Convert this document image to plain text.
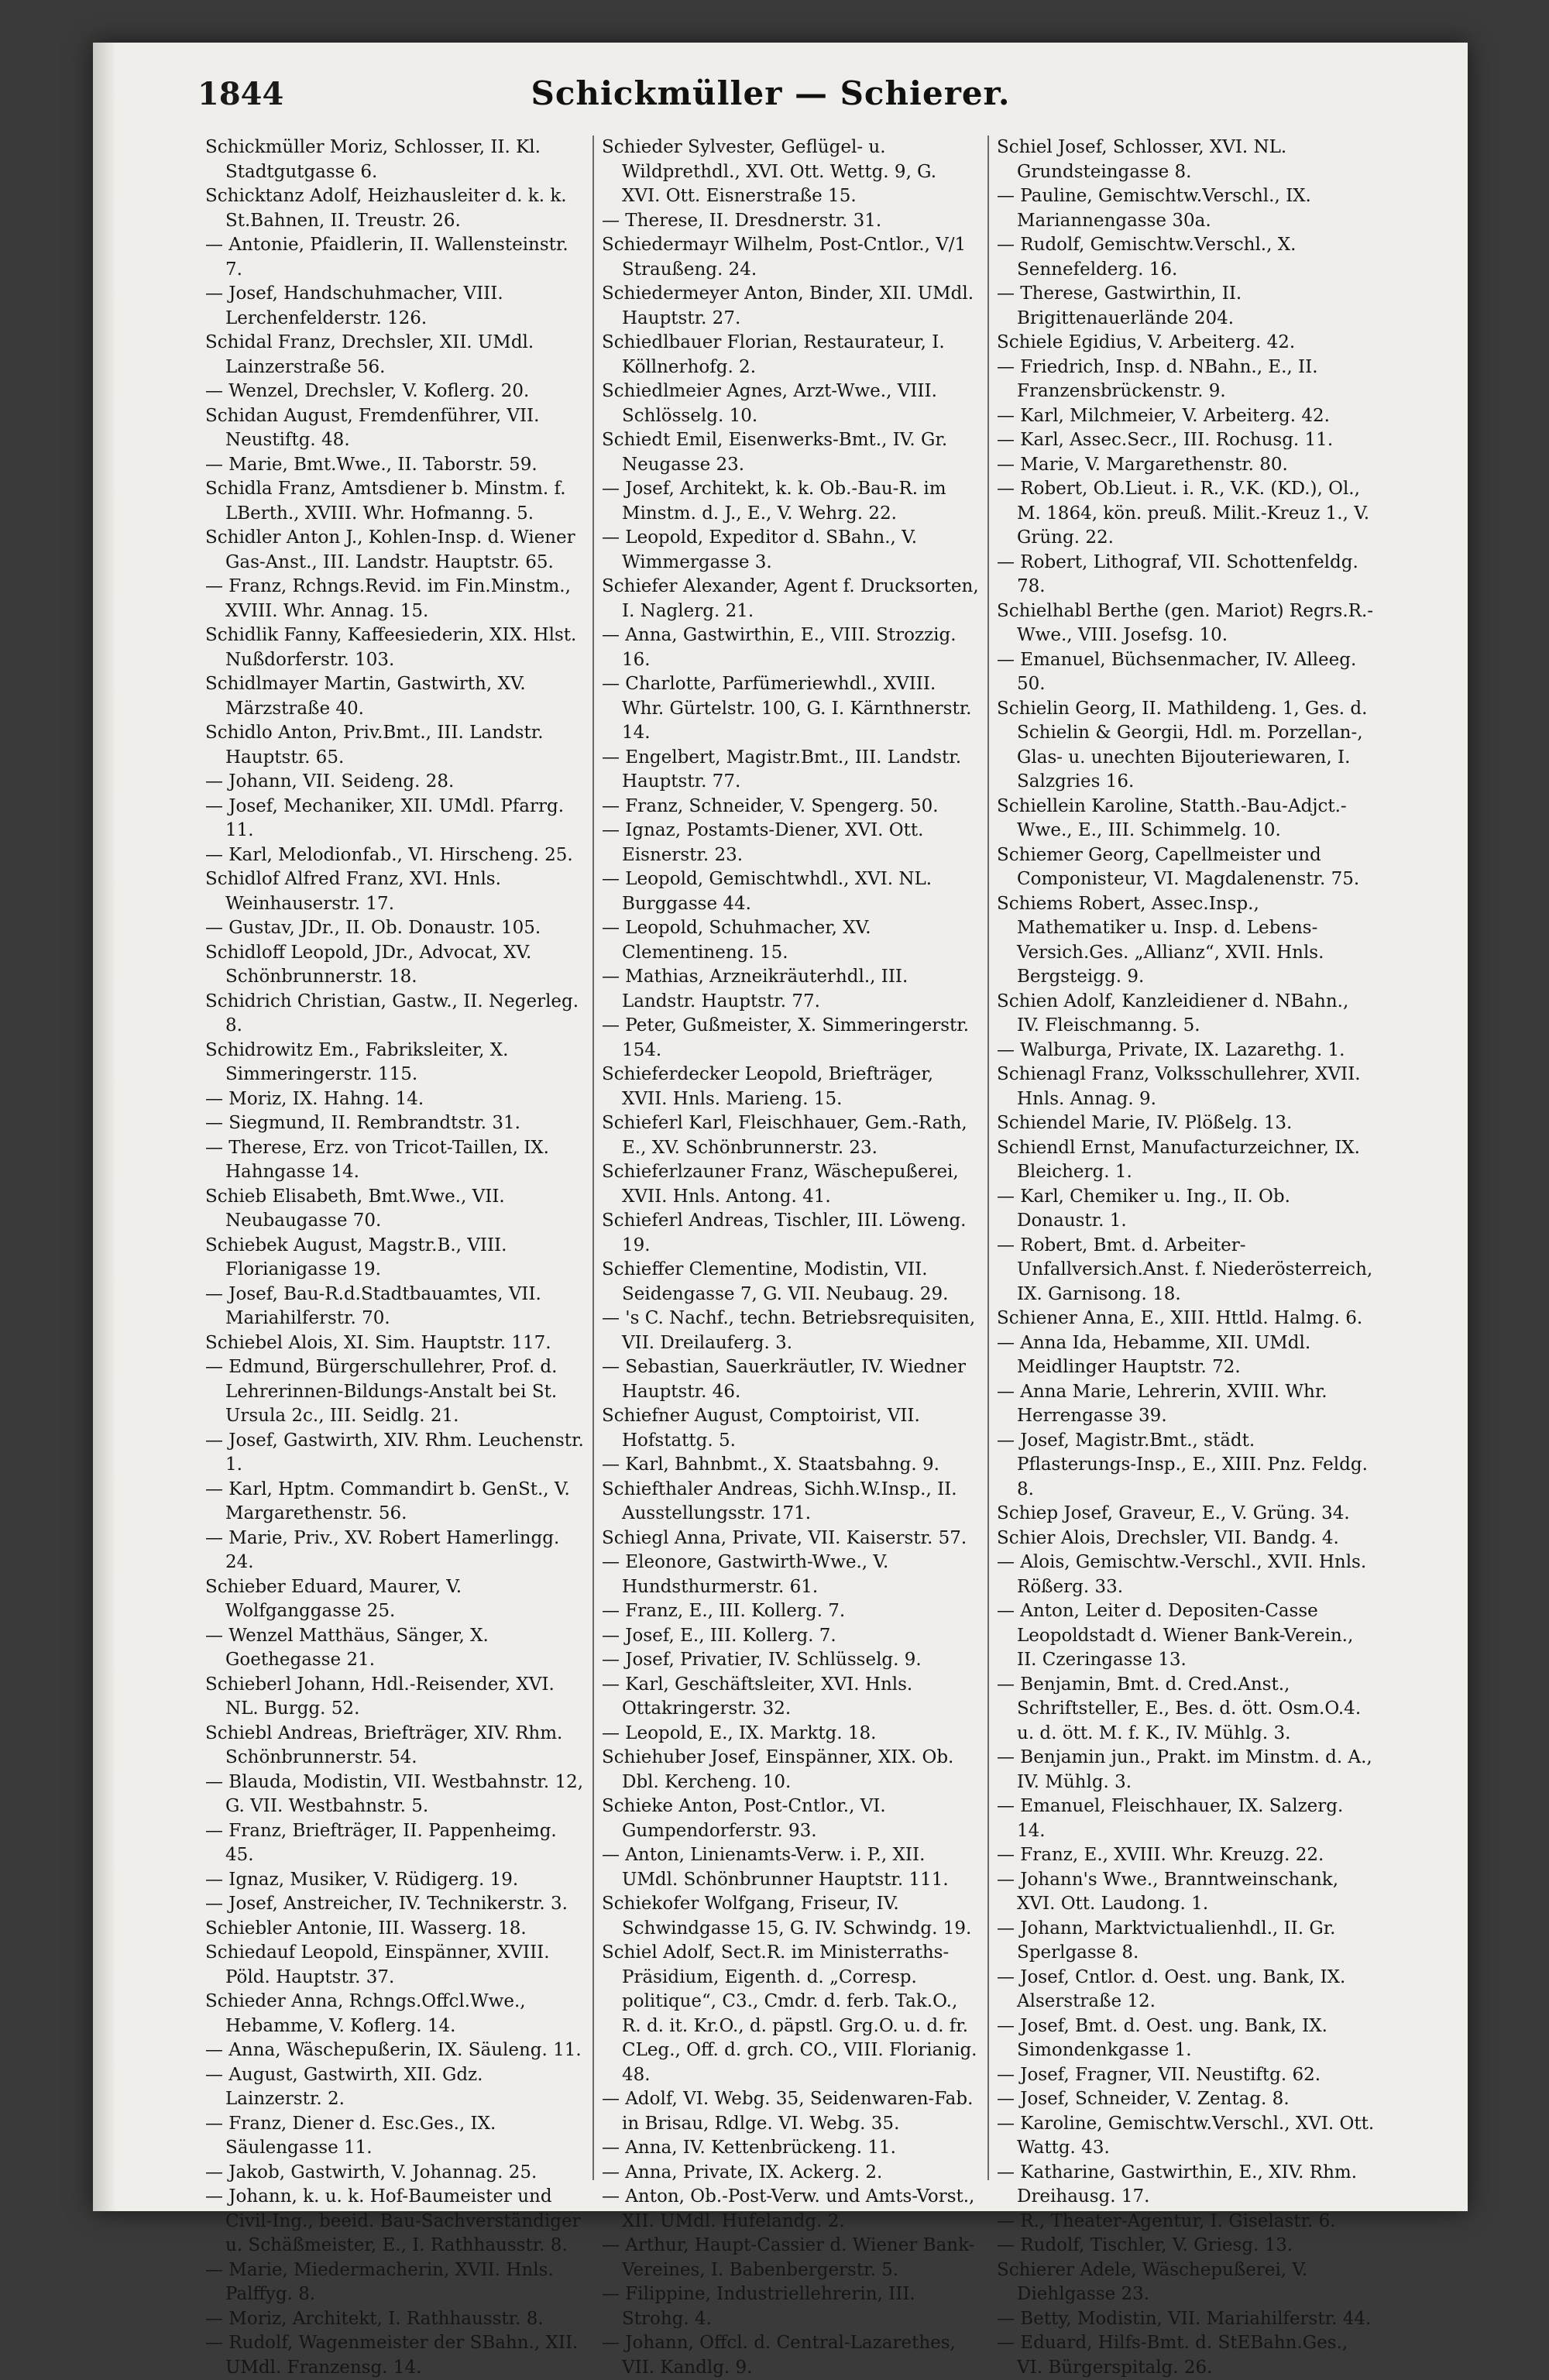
1844	Schickmüller — Schierer.

Schickmüller Moriz, Schlosser, II. Kl. Stadtgutgasse 6.

Schicktanz Adolf, Heizhausleiter d. k. k. St.Bahnen, II. Treustr. 26.

— Antonie, Pfaidlerin, II. Wallensteinstr. 7.

— Josef, Handschuhmacher, VIII. Lerchenfelderstr. 126.

Schidal Franz, Drechsler, XII. UMdl. Lainzerstraße 56.

— Wenzel, Drechsler, V. Koflerg. 20.

Schidan August, Fremdenführer, VII. Neustiftg. 48.

— Marie, Bmt.Wwe., II. Taborstr. 59.

Schidla Franz, Amtsdiener b. Minstm. f. LBerth., XVIII. Whr. Hofmanng. 5.

Schidler Anton J., Kohlen-Insp. d. Wiener Gas-Anst., III. Landstr. Hauptstr. 65.

— Franz, Rchngs.Revid. im Fin.Minstm., XVIII. Whr. Annag. 15.

Schidlik Fanny, Kaffeesiederin, XIX. Hlst. Nußdorferstr. 103.

Schidlmayer Martin, Gastwirth, XV. Märzstraße 40.

Schidlo Anton, Priv.Bmt., III. Landstr. Hauptstr. 65.

— Johann, VII. Seideng. 28.

— Josef, Mechaniker, XII. UMdl. Pfarrg. 11.

— Karl, Melodionfab., VI. Hirscheng. 25.

Schidlof Alfred Franz, XVI. Hnls. Weinhauserstr. 17.

— Gustav, JDr., II. Ob. Donaustr. 105.

Schidloff Leopold, JDr., Advocat, XV. Schönbrunnerstr. 18.

Schidrich Christian, Gastw., II. Negerleg. 8.

Schidrowitz Em., Fabriksleiter, X. Simmeringerstr. 115.

— Moriz, IX. Hahng. 14.

— Siegmund, II. Rembrandtstr. 31.

— Therese, Erz. von Tricot-Taillen, IX. Hahngasse 14.

Schieb Elisabeth, Bmt.Wwe., VII. Neubaugasse 70.

Schiebek August, Magstr.B., VIII. Florianigasse 19.

— Josef, Bau-R.d.Stadtbauamtes, VII. Mariahilferstr. 70.

Schiebel Alois, XI. Sim. Hauptstr. 117.

— Edmund, Bürgerschullehrer, Prof. d. Lehrerinnen-Bildungs-Anstalt bei St. Ursula 2c., III. Seidlg. 21.

— Josef, Gastwirth, XIV. Rhm. Leuchenstr. 1.

— Karl, Hptm. Commandirt b. GenSt., V. Margarethenstr. 56.

— Marie, Priv., XV. Robert Hamerlingg. 24.

Schieber Eduard, Maurer, V. Wolfganggasse 25.

— Wenzel Matthäus, Sänger, X. Goethegasse 21.

Schieberl Johann, Hdl.-Reisender, XVI. NL. Burgg. 52.

Schiebl Andreas, Briefträger, XIV. Rhm. Schönbrunnerstr. 54.

— Blauda, Modistin, VII. Westbahnstr. 12, G. VII. Westbahnstr. 5.

— Franz, Briefträger, II. Pappenheimg. 45.

— Ignaz, Musiker, V. Rüdigerg. 19.

— Josef, Anstreicher, IV. Technikerstr. 3.

Schiebler Antonie, III. Wasserg. 18.

Schiedauf Leopold, Einspänner, XVIII. Pöld. Hauptstr. 37.

Schieder Anna, Rchngs.Offcl.Wwe., Hebamme, V. Koflerg. 14.

— Anna, Wäschepußerin, IX. Säuleng. 11.

— August, Gastwirth, XII. Gdz. Lainzerstr. 2.

— Franz, Diener d. Esc.Ges., IX. Säulengasse 11.

— Jakob, Gastwirth, V. Johannag. 25.

— Johann, k. u. k. Hof-Baumeister und Civil-Ing., beeid. Bau-Sachverständiger u. Schäßmeister, E., I. Rathhausstr. 8.

— Marie, Miedermacherin, XVII. Hnls. Palffyg. 8.

— Moriz, Architekt, I. Rathhausstr. 8.

— Rudolf, Wagenmeister der SBahn., XII. UMdl. Franzensg. 14.

Schieder Sylvester, Geflügel- u. Wildprethdl., XVI. Ott. Wettg. 9, G. XVI. Ott. Eisnerstraße 15.

— Therese, II. Dresdnerstr. 31.

Schiedermayr Wilhelm, Post-Cntlor., V/1 Straußeng. 24.

Schiedermeyer Anton, Binder, XII. UMdl. Hauptstr. 27.

Schiedlbauer Florian, Restaurateur, I. Köllnerhofg. 2.

Schiedlmeier Agnes, Arzt-Wwe., VIII. Schlösselg. 10.

Schiedt Emil, Eisenwerks-Bmt., IV. Gr. Neugasse 23.

— Josef, Architekt, k. k. Ob.-Bau-R. im Minstm. d. J., E., V. Wehrg. 22.

— Leopold, Expeditor d. SBahn., V. Wimmergasse 3.

Schiefer Alexander, Agent f. Drucksorten, I. Naglerg. 21.

— Anna, Gastwirthin, E., VIII. Strozzig. 16.

— Charlotte, Parfümeriewhdl., XVIII. Whr. Gürtelstr. 100, G. I. Kärnthnerstr. 14.

— Engelbert, Magistr.Bmt., III. Landstr. Hauptstr. 77.

— Franz, Schneider, V. Spengerg. 50.

— Ignaz, Postamts-Diener, XVI. Ott. Eisnerstr. 23.

— Leopold, Gemischtwhdl., XVI. NL. Burggasse 44.

— Leopold, Schuhmacher, XV. Clementineng. 15.

— Mathias, Arzneikräuterhdl., III. Landstr. Hauptstr. 77.

— Peter, Gußmeister, X. Simmeringerstr. 154.

Schieferdecker Leopold, Briefträger, XVII. Hnls. Marieng. 15.

Schieferl Karl, Fleischhauer, Gem.-Rath, E., XV. Schönbrunnerstr. 23.

Schieferlzauner Franz, Wäschepußerei, XVII. Hnls. Antong. 41.

Schieferl Andreas, Tischler, III. Löweng. 19.

Schieffer Clementine, Modistin, VII. Seidengasse 7, G. VII. Neubaug. 29.

— 's C. Nachf., techn. Betriebsrequisiten, VII. Dreilauferg. 3.

— Sebastian, Sauerkräutler, IV. Wiedner Hauptstr. 46.

Schiefner August, Comptoirist, VII. Hofstattg. 5.

— Karl, Bahnbmt., X. Staatsbahng. 9.

Schiefthaler Andreas, Sichh.W.Insp., II. Ausstellungsstr. 171.

Schiegl Anna, Private, VII. Kaiserstr. 57.

— Eleonore, Gastwirth-Wwe., V. Hundsthurmerstr. 61.

— Franz, E., III. Kollerg. 7.

— Josef, E., III. Kollerg. 7.

— Josef, Privatier, IV. Schlüsselg. 9.

— Karl, Geschäftsleiter, XVI. Hnls. Ottakringerstr. 32.

— Leopold, E., IX. Marktg. 18.

Schiehuber Josef, Einspänner, XIX. Ob. Dbl. Kercheng. 10.

Schieke Anton, Post-Cntlor., VI. Gumpendorferstr. 93.

— Anton, Linienamts-Verw. i. P., XII. UMdl. Schönbrunner Hauptstr. 111.

Schiekofer Wolfgang, Friseur, IV. Schwindgasse 15, G. IV. Schwindg. 19.

Schiel Adolf, Sect.R. im Ministerraths-Präsidium, Eigenth. d. „Corresp. politique“, C3., Cmdr. d. ferb. Tak.O., R. d. it. Kr.O., d. päpstl. Grg.O. u. d. fr. CLeg., Off. d. grch. CO., VIII. Florianig. 48.

— Adolf, VI. Webg. 35, Seidenwaren-Fab. in Brisau, Rdlge. VI. Webg. 35.

— Anna, IV. Kettenbrückeng. 11.

— Anna, Private, IX. Ackerg. 2.

— Anton, Ob.-Post-Verw. und Amts-Vorst., XII. UMdl. Hufelandg. 2.

— Arthur, Haupt-Cassier d. Wiener Bank-Vereines, I. Babenbergerstr. 5.

— Filippine, Industriellehrerin, III. Strohg. 4.

— Johann, Offcl. d. Central-Lazarethes, VII. Kandlg. 9.

Schiel Josef, Schlosser, XVI. NL. Grundsteingasse 8.

— Pauline, Gemischtw.Verschl., IX. Mariannengasse 30a.

— Rudolf, Gemischtw.Verschl., X. Sennefelderg. 16.

— Therese, Gastwirthin, II. Brigittenauerlände 204.

Schiele Egidius, V. Arbeiterg. 42.

— Friedrich, Insp. d. NBahn., E., II. Franzensbrückenstr. 9.

— Karl, Milchmeier, V. Arbeiterg. 42.

— Karl, Assec.Secr., III. Rochusg. 11.

— Marie, V. Margarethenstr. 80.

— Robert, Ob.Lieut. i. R., V.K. (KD.), Ol., M. 1864, kön. preuß. Milit.-Kreuz 1., V. Grüng. 22.

— Robert, Lithograf, VII. Schottenfeldg. 78.

Schielhabl Berthe (gen. Mariot) Regrs.R.-Wwe., VIII. Josefsg. 10.

— Emanuel, Büchsenmacher, IV. Alleeg. 50.

Schielin Georg, II. Mathildeng. 1, Ges. d. Schielin & Georgii, Hdl. m. Porzellan-, Glas- u. unechten Bijouteriewaren, I. Salzgries 16.

Schiellein Karoline, Statth.-Bau-Adjct.-Wwe., E., III. Schimmelg. 10.

Schiemer Georg, Capellmeister und Componisteur, VI. Magdalenenstr. 75.

Schiems Robert, Assec.Insp., Mathematiker u. Insp. d. Lebens-Versich.Ges. „Allianz“, XVII. Hnls. Bergsteigg. 9.

Schien Adolf, Kanzleidiener d. NBahn., IV. Fleischmanng. 5.

— Walburga, Private, IX. Lazarethg. 1.

Schienagl Franz, Volksschullehrer, XVII. Hnls. Annag. 9.

Schiendel Marie, IV. Plößelg. 13.

Schiendl Ernst, Manufacturzeichner, IX. Bleicherg. 1.

— Karl, Chemiker u. Ing., II. Ob. Donaustr. 1.

— Robert, Bmt. d. Arbeiter-Unfallversich.Anst. f. Niederösterreich, IX. Garnisong. 18.

Schiener Anna, E., XIII. Httld. Halmg. 6.

— Anna Ida, Hebamme, XII. UMdl. Meidlinger Hauptstr. 72.

— Anna Marie, Lehrerin, XVIII. Whr. Herrengasse 39.

— Josef, Magistr.Bmt., städt. Pflasterungs-Insp., E., XIII. Pnz. Feldg. 8.

Schiep Josef, Graveur, E., V. Grüng. 34.

Schier Alois, Drechsler, VII. Bandg. 4.

— Alois, Gemischtw.-Verschl., XVII. Hnls. Rößerg. 33.

— Anton, Leiter d. Depositen-Casse Leopoldstadt d. Wiener Bank-Verein., II. Czeringasse 13.

— Benjamin, Bmt. d. Cred.Anst., Schriftsteller, E., Bes. d. ött. Osm.O.4. u. d. ött. M. f. K., IV. Mühlg. 3.

— Benjamin jun., Prakt. im Minstm. d. A., IV. Mühlg. 3.

— Emanuel, Fleischhauer, IX. Salzerg. 14.

— Franz, E., XVIII. Whr. Kreuzg. 22.

— Johann's Wwe., Branntweinschank, XVI. Ott. Laudong. 1.

— Johann, Marktvictualienhdl., II. Gr. Sperlgasse 8.

— Josef, Cntlor. d. Oest. ung. Bank, IX. Alserstraße 12.

— Josef, Bmt. d. Oest. ung. Bank, IX. Simondenkgasse 1.

— Josef, Fragner, VII. Neustiftg. 62.

— Josef, Schneider, V. Zentag. 8.

— Karoline, Gemischtw.Verschl., XVI. Ott. Wattg. 43.

— Katharine, Gastwirthin, E., XIV. Rhm. Dreihausg. 17.

— R., Theater-Agentur, I. Giselastr. 6.

— Rudolf, Tischler, V. Griesg. 13.

Schierer Adele, Wäschepußerei, V. Diehlgasse 23.

— Betty, Modistin, VII. Mariahilferstr. 44.

— Eduard, Hilfs-Bmt. d. StEBahn.Ges., VI. Bürgerspitalg. 26.
